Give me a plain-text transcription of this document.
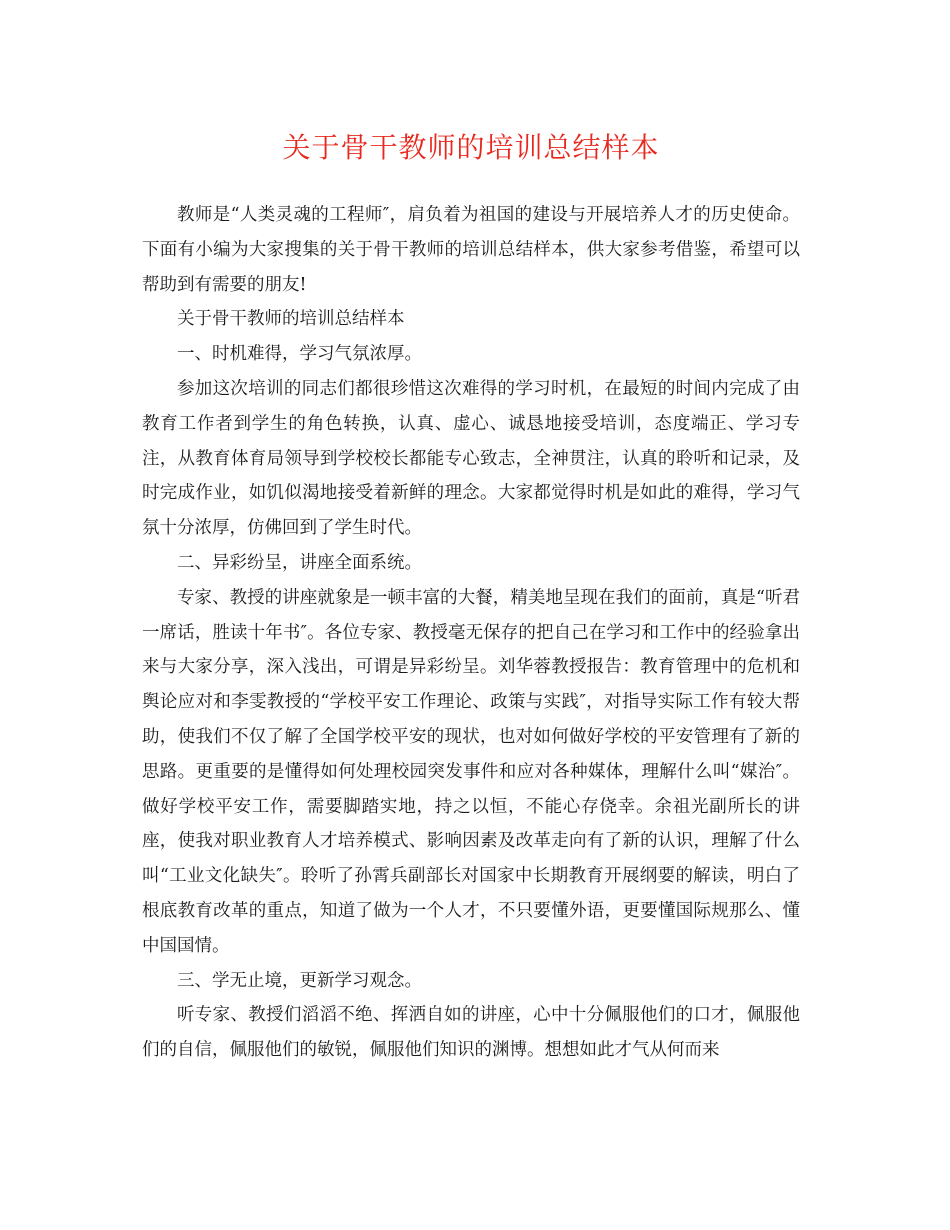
关于骨干教师的培训总结样本

教师是“人类灵魂的工程师″，肩负着为祖国的建设与开展培养人才的历史使命。下面有小编为大家搜集的关于骨干教师的培训总结样本，供大家参考借鉴，希望可以帮助到有需要的朋友!

关于骨干教师的培训总结样本

一、时机难得，学习气氛浓厚。

参加这次培训的同志们都很珍惜这次难得的学习时机，在最短的时间内完成了由教育工作者到学生的角色转换，认真、虚心、诚恳地接受培训，态度端正、学习专注，从教育体育局领导到学校校长都能专心致志，全神贯注，认真的聆听和记录，及时完成作业，如饥似渴地接受着新鲜的理念。大家都觉得时机是如此的难得，学习气氛十分浓厚，仿佛回到了学生时代。

二、异彩纷呈，讲座全面系统。

专家、教授的讲座就象是一顿丰富的大餐，精美地呈现在我们的面前，真是“听君一席话，胜读十年书″。各位专家、教授毫无保存的把自己在学习和工作中的经验拿出来与大家分享，深入浅出，可谓是异彩纷呈。刘华蓉教授报告：教育管理中的危机和舆论应对和李雯教授的“学校平安工作理论、政策与实践″，对指导实际工作有较大帮助，使我们不仅了解了全国学校平安的现状，也对如何做好学校的平安管理有了新的思路。更重要的是懂得如何处理校园突发事件和应对各种媒体，理解什么叫“媒治″。做好学校平安工作，需要脚踏实地，持之以恒，不能心存侥幸。余祖光副所长的讲座，使我对职业教育人才培养模式、影响因素及改革走向有了新的认识，理解了什么叫“工业文化缺失″。聆听了孙霄兵副部长对国家中长期教育开展纲要的解读，明白了根底教育改革的重点，知道了做为一个人才，不只要懂外语，更要懂国际规那么、懂中国国情。

三、学无止境，更新学习观念。

听专家、教授们滔滔不绝、挥洒自如的讲座，心中十分佩服他们的口才，佩服他们的自信，佩服他们的敏锐，佩服他们知识的渊博。想想如此才气从何而来
